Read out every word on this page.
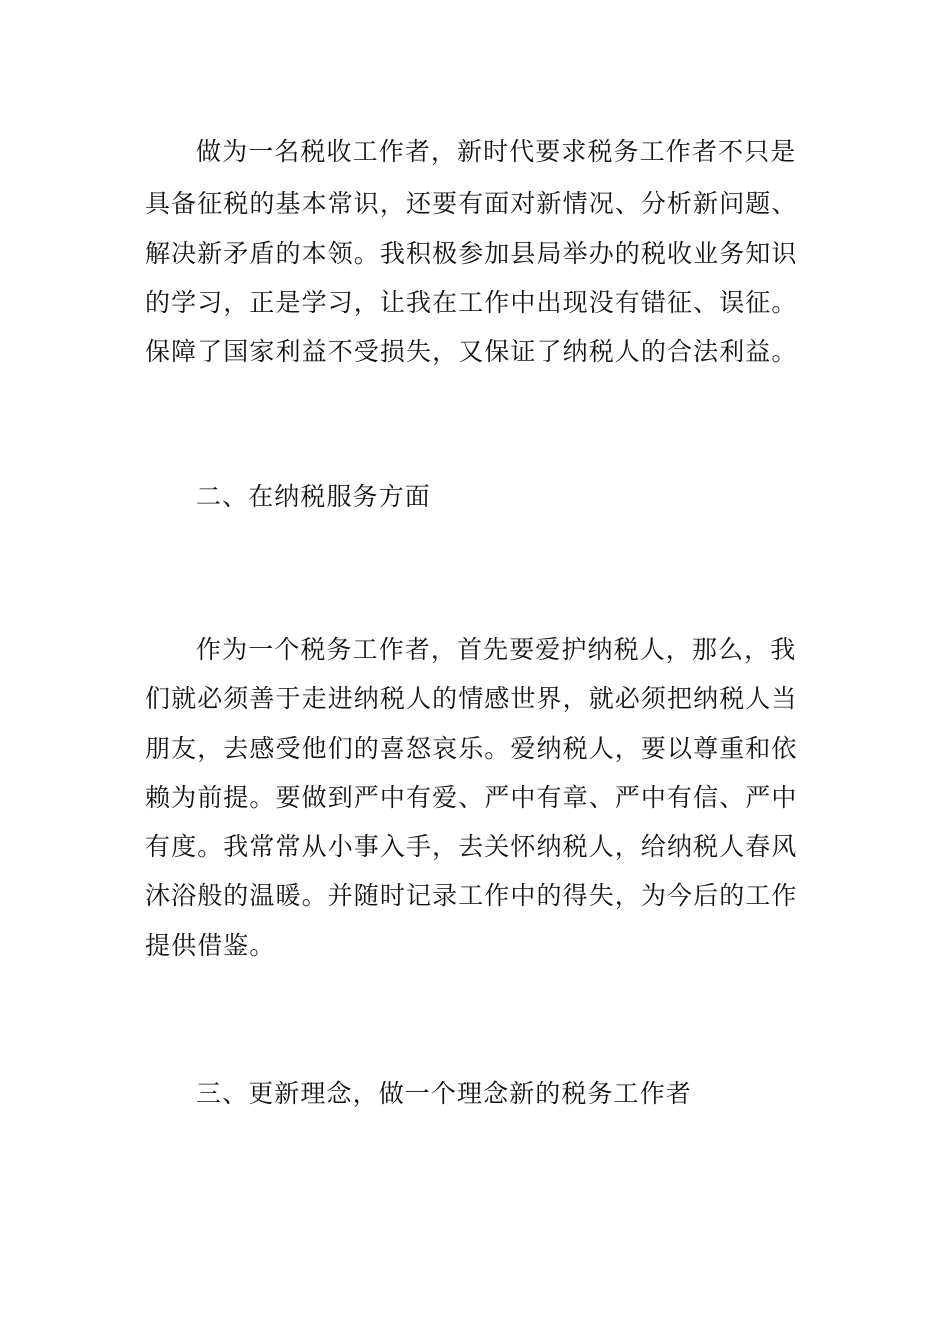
做为一名税收工作者，新时代要求税务工作者不只是
具备征税的基本常识，还要有面对新情况、分析新问题、
解决新矛盾的本领。我积极参加县局举办的税收业务知识
的学习，正是学习，让我在工作中出现没有错征、误征。
保障了国家利益不受损失，又保证了纳税人的合法利益。
二、在纳税服务方面
作为一个税务工作者，首先要爱护纳税人，那么，我
们就必须善于走进纳税人的情感世界，就必须把纳税人当
朋友，去感受他们的喜怒哀乐。爱纳税人，要以尊重和依
赖为前提。要做到严中有爱、严中有章、严中有信、严中
有度。我常常从小事入手，去关怀纳税人，给纳税人春风
沐浴般的温暖。并随时记录工作中的得失，为今后的工作
提供借鉴。
三、更新理念，做一个理念新的税务工作者
